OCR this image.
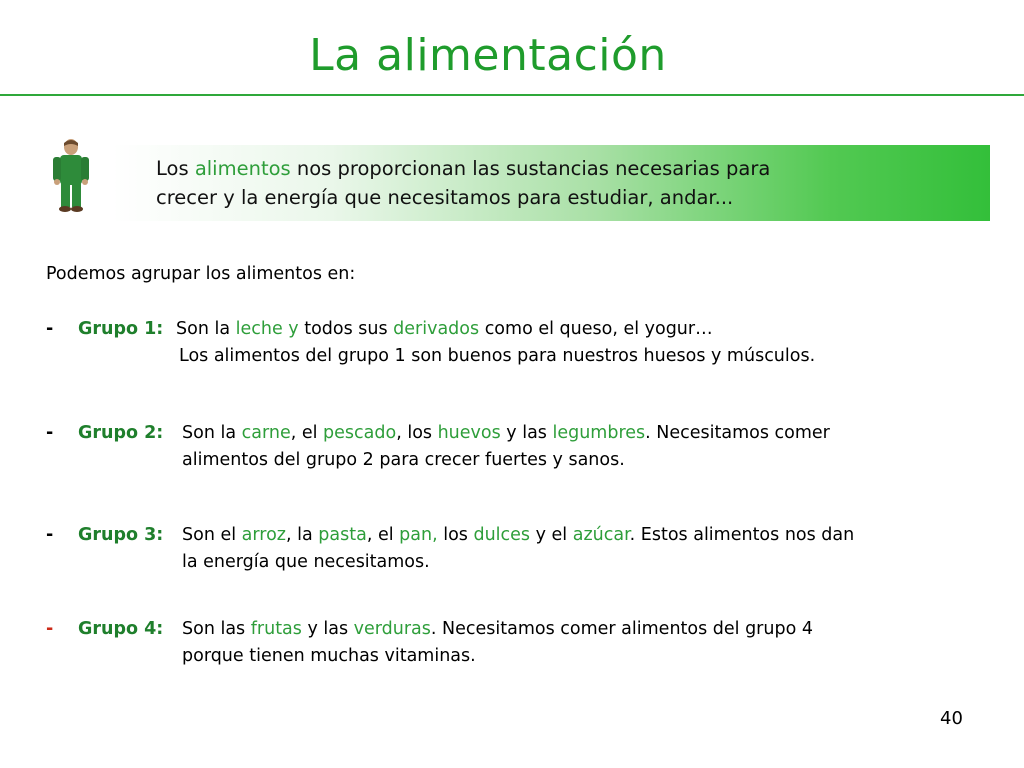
La alimentación
Los alimentos nos proporcionan las sustancias necesarias para
crecer y la energía que necesitamos para estudiar, andar...
Podemos agrupar los alimentos en:
- Grupo 1: Son la leche y todos sus derivados como el queso, el yogur…
Los alimentos del grupo 1 son buenos para nuestros huesos y músculos.
- Grupo 2: Son la carne, el pescado, los huevos y las legumbres. Necesitamos comer
alimentos del grupo 2 para crecer fuertes y sanos.
- Grupo 3: Son el arroz, la pasta, el pan, los dulces y el azúcar. Estos alimentos nos dan
la energía que necesitamos.
- Grupo 4: Son las frutas y las verduras. Necesitamos comer alimentos del grupo 4
porque tienen muchas vitaminas.
40
